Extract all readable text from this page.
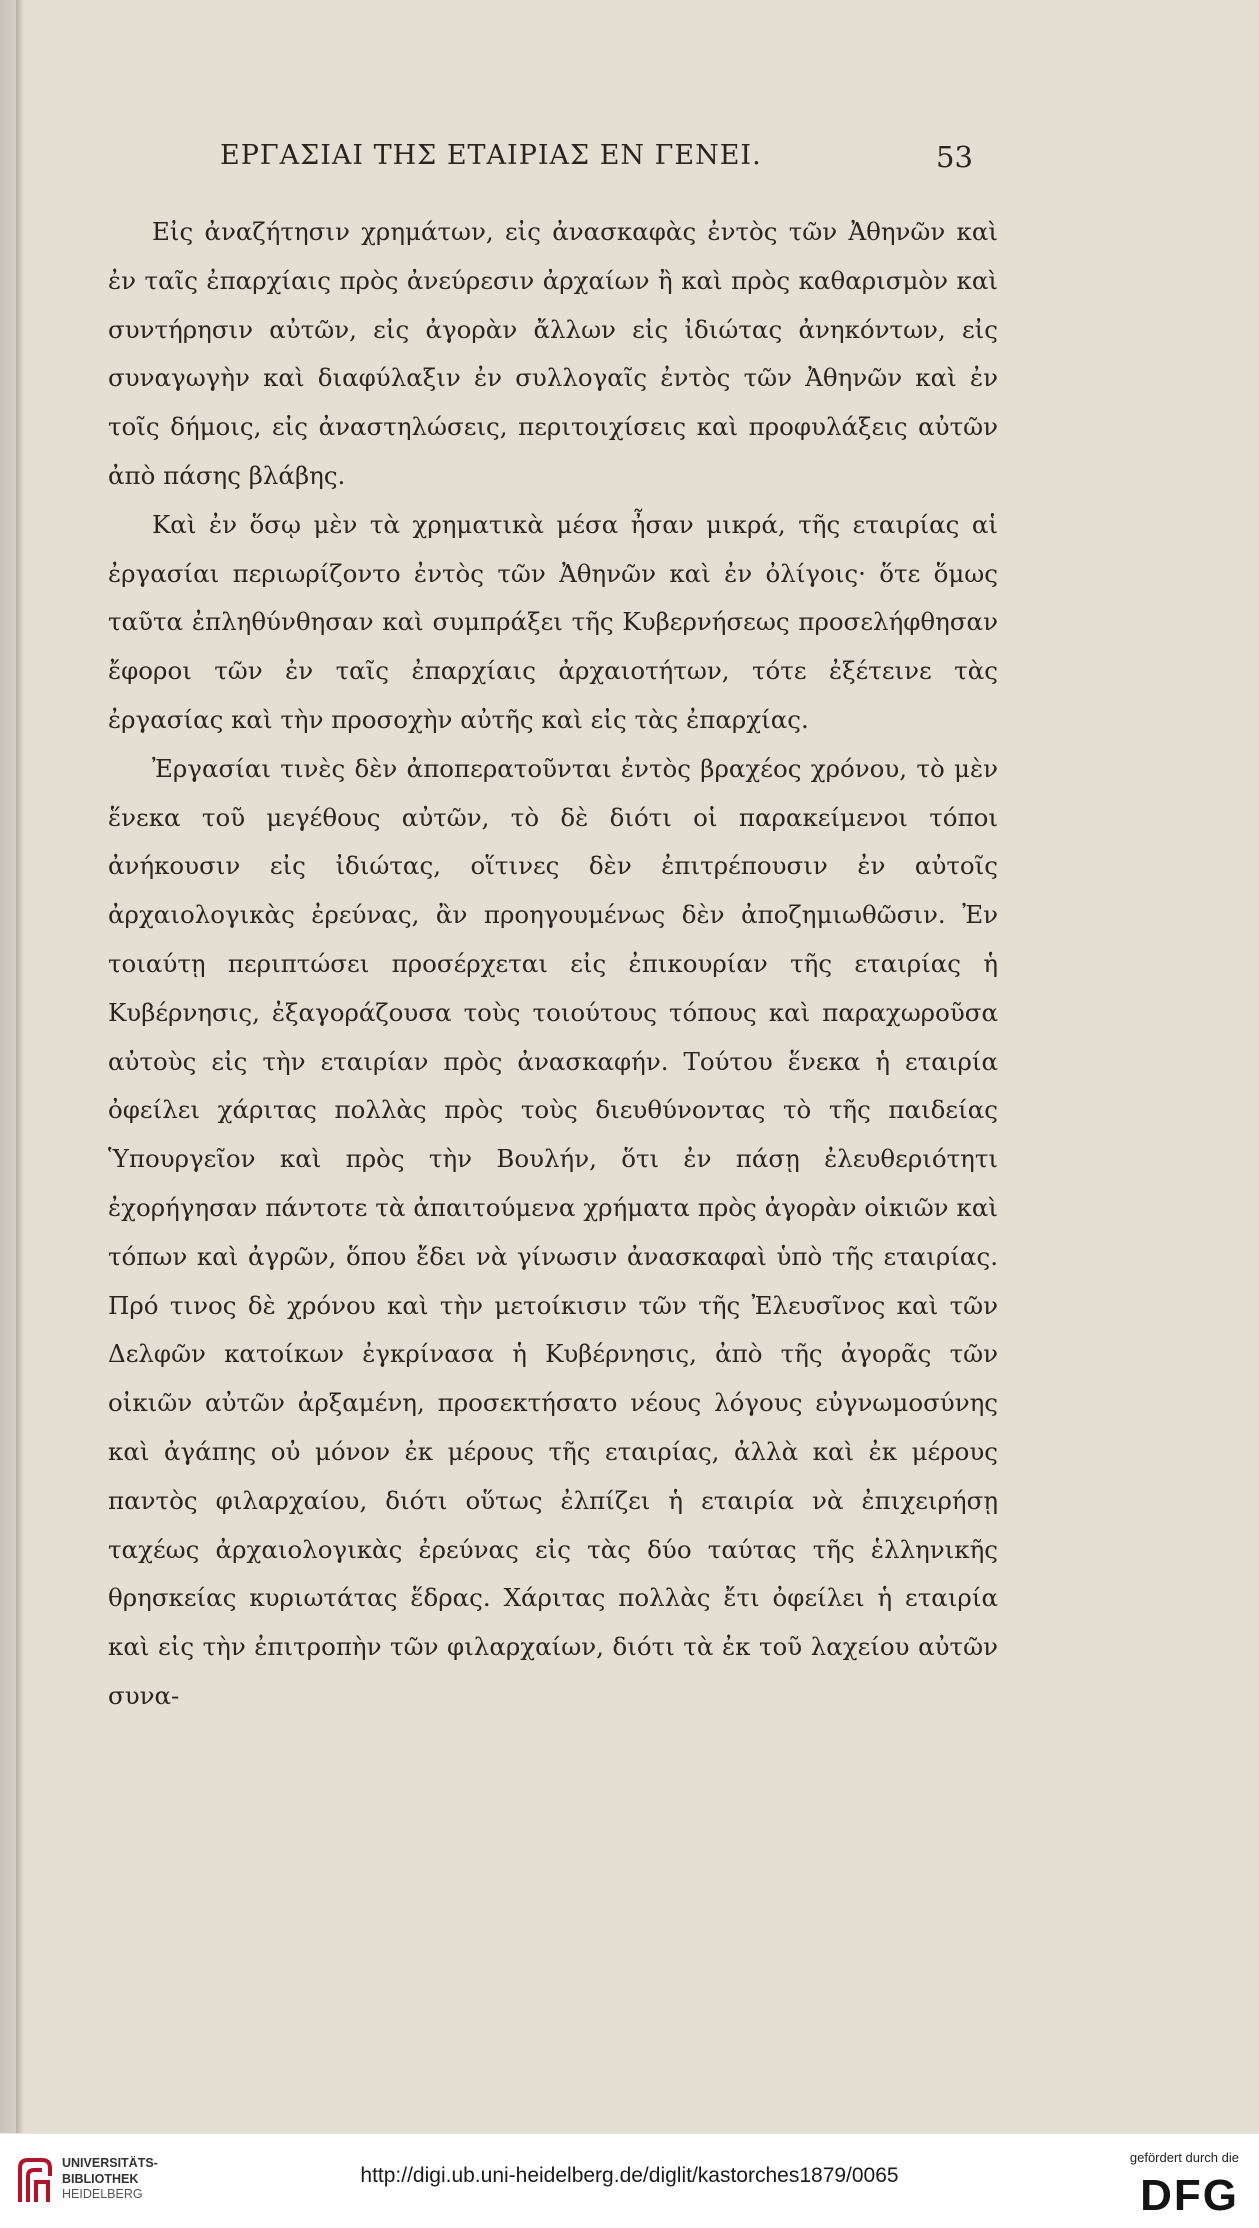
ΕΡΓΑΣΙΑΙ ΤΗΣ ΕΤΑΙΡΙΑΣ ΕΝ ΓΕΝΕΙ.	53

Εἰς ἀναζήτησιν χρημάτων, εἰς ἀνασκαφὰς ἐντὸς τῶν Ἀθηνῶν καὶ ἐν ταῖς ἐπαρχίαις πρὸς ἀνεύρεσιν ἀρχαίων ἢ καὶ πρὸς καθαρισμὸν καὶ συντήρησιν αὐτῶν, εἰς ἀγορὰν ἄλλων εἰς ἰδιώτας ἀνηκόντων, εἰς συναγωγὴν καὶ διαφύλαξιν ἐν συλλογαῖς ἐντὸς τῶν Ἀθηνῶν καὶ ἐν τοῖς δήμοις, εἰς ἀναστηλώσεις, περιτοιχίσεις καὶ προφυλάξεις αὐτῶν ἀπὸ πάσης βλάβης.

Καὶ ἐν ὅσῳ μὲν τὰ χρηματικὰ μέσα ἦσαν μικρά, τῆς εταιρίας αἱ ἐργασίαι περιωρίζοντο ἐντὸς τῶν Ἀθηνῶν καὶ ἐν ὀλίγοις· ὅτε ὅμως ταῦτα ἐπληθύνθησαν καὶ συμπράξει τῆς Κυβερνήσεως προσελήφθησαν ἔφοροι τῶν ἐν ταῖς ἐπαρχίαις ἀρχαιοτήτων, τότε ἐξέτεινε τὰς ἐργασίας καὶ τὴν προσοχὴν αὐτῆς καὶ εἰς τὰς ἐπαρχίας.

Ἐργασίαι τινὲς δὲν ἀποπερατοῦνται ἐντὸς βραχέος χρόνου, τὸ μὲν ἕνεκα τοῦ μεγέθους αὐτῶν, τὸ δὲ διότι οἱ παρακείμενοι τόποι ἀνήκουσιν εἰς ἰδιώτας, οἵτινες δὲν ἐπιτρέπουσιν ἐν αὐτοῖς ἀρχαιολογικὰς ἐρεύνας, ἂν προηγουμένως δὲν ἀποζημιωθῶσιν. Ἐν τοιαύτῃ περιπτώσει προσέρχεται εἰς ἐπικουρίαν τῆς εταιρίας ἡ Κυβέρνησις, ἐξαγοράζουσα τοὺς τοιούτους τόπους καὶ παραχωροῦσα αὐτοὺς εἰς τὴν εταιρίαν πρὸς ἀνασκαφήν. Τούτου ἕνεκα ἡ εταιρία ὀφείλει χάριτας πολλὰς πρὸς τοὺς διευθύνοντας τὸ τῆς παιδείας Ὑπουργεῖον καὶ πρὸς τὴν Βουλήν, ὅτι ἐν πάσῃ ἐλευθεριότητι ἐχορήγησαν πάντοτε τὰ ἀπαιτούμενα χρήματα πρὸς ἀγορὰν οἰκιῶν καὶ τόπων καὶ ἀγρῶν, ὅπου ἔδει νὰ γίνωσιν ἀνασκαφαὶ ὑπὸ τῆς εταιρίας. Πρό τινος δὲ χρόνου καὶ τὴν μετοίκισιν τῶν τῆς Ἐλευσῖνος καὶ τῶν Δελφῶν κατοίκων ἐγκρίνασα ἡ Κυβέρνησις, ἀπὸ τῆς ἀγορᾶς τῶν οἰκιῶν αὐτῶν ἀρξαμένη, προσεκτήσατο νέους λόγους εὐγνωμοσύνης καὶ ἀγάπης οὐ μόνον ἐκ μέρους τῆς εταιρίας, ἀλλὰ καὶ ἐκ μέρους παντὸς φιλαρχαίου, διότι οὕτως ἐλπίζει ἡ εταιρία νὰ ἐπιχειρήσῃ ταχέως ἀρχαιολογικὰς ἐρεύνας εἰς τὰς δύο ταύτας τῆς ἑλληνικῆς θρησκείας κυριωτάτας ἕδρας. Χάριτας πολλὰς ἔτι ὀφείλει ἡ εταιρία καὶ εἰς τὴν ἐπιτροπὴν τῶν φιλαρχαίων, διότι τὰ ἐκ τοῦ λαχείου αὐτῶν συνα-

UNIVERSITÄTS-
BIBLIOTHEK
HEIDELBERG
http://digi.ub.uni-heidelberg.de/diglit/kastorches1879/0065
gefördert durch die
DFG
